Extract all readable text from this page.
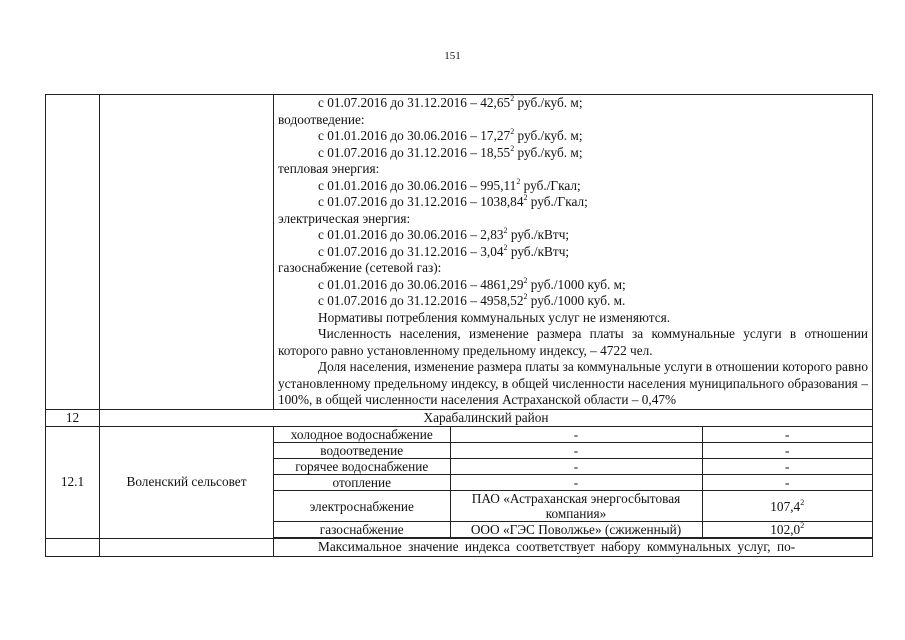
151

с 01.07.2016 до 31.12.2016 – 42,65$^2$ руб./куб. м;
водоотведение:
с 01.01.2016 до 30.06.2016 – 17,27$^2$ руб./куб. м;
с 01.07.2016 до 31.12.2016 – 18,55$^2$ руб./куб. м;
тепловая энергия:
с 01.01.2016 до 30.06.2016 – 995,11$^2$ руб./Гкал;
с 01.07.2016 до 31.12.2016 – 1038,84$^2$ руб./Гкал;
электрическая энергия:
с 01.01.2016 до 30.06.2016 – 2,83$^2$ руб./кВтч;
с 01.07.2016 до 31.12.2016 – 3,04$^2$ руб./кВтч;
газоснабжение (сетевой газ):
с 01.01.2016 до 30.06.2016 – 4861,29$^2$ руб./1000 куб. м;
с 01.07.2016 до 31.12.2016 – 4958,52$^2$ руб./1000 куб. м.
Нормативы потребления коммунальных услуг не изменяются.
Численность населения, изменение размера платы за коммунальные услуги в отношении которого равно установленному предельному индексу, – 4722 чел.
Доля населения, изменение размера платы за коммунальные услуги в отношении которого равно установленному предельному индексу, в общей численности населения муниципального образования – 100%, в общей численности населения Астраханской области – 0,47%

12	Харабалинский район
12.1	Воленский сельсовет	
холодное водоснабжение	-	-
водоотведение	-	-
горячее водоснабжение	-	-
отопление	-	-
электроснабжение	ПАО «Астраханская энергосбытовая компания»	107,4$^2$
газоснабжение	ООО «ГЭС Поволжье» (сжиженный)	102,0$^2$

		Максимальное значение индекса соответствует набору коммунальных услуг, по-
